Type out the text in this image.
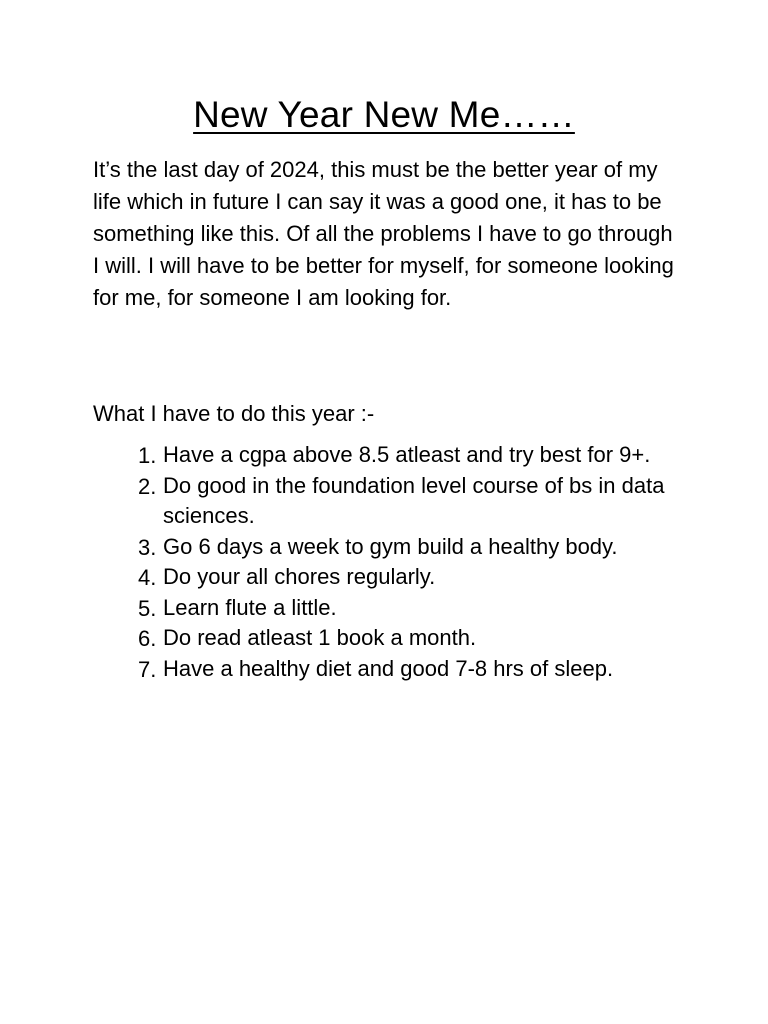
New Year New Me……
It’s the last day of 2024, this must be the better year of my life which in future I can say it was a good one, it has to be something like this. Of all the problems I have to go through I will. I will have to be better for myself, for someone looking for me, for someone I am looking for.
What I have to do this year :-
1. Have a cgpa above 8.5 atleast and try best for 9+.
2. Do good in the foundation level course of bs in data sciences.
3. Go 6 days a week to gym build a healthy body.
4. Do your all chores regularly.
5. Learn flute a little.
6. Do read atleast 1 book a month.
7. Have a healthy diet and good 7-8 hrs of sleep.
